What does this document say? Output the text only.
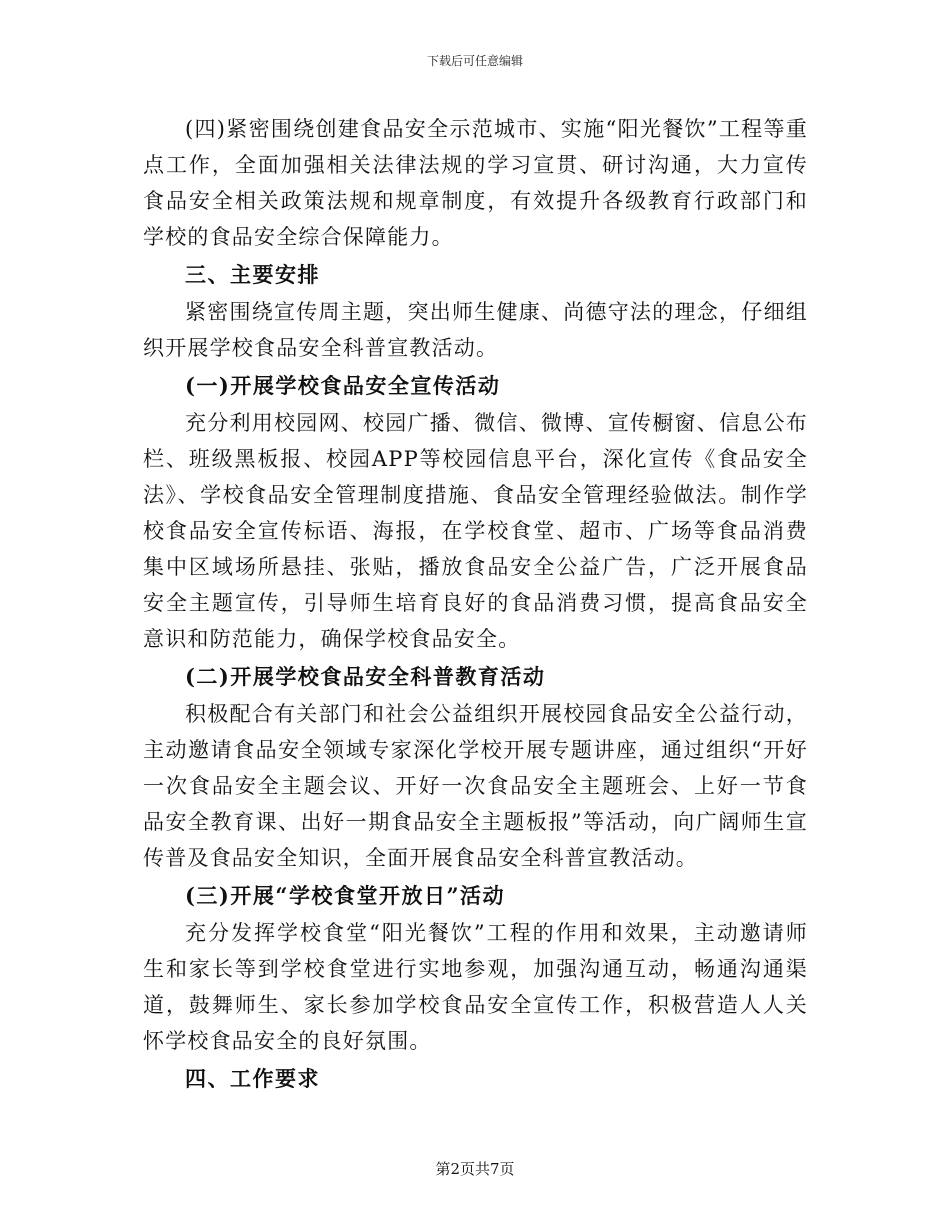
下载后可任意编辑

(四)紧密围绕创建食品安全示范城市、实施“阳光餐饮”工程等重点工作，全面加强相关法律法规的学习宣贯、研讨沟通，大力宣传食品安全相关政策法规和规章制度，有效提升各级教育行政部门和学校的食品安全综合保障能力。

三、主要安排

紧密围绕宣传周主题，突出师生健康、尚德守法的理念，仔细组织开展学校食品安全科普宣教活动。

(一)开展学校食品安全宣传活动

充分利用校园网、校园广播、微信、微博、宣传橱窗、信息公布栏、班级黑板报、校园APP等校园信息平台，深化宣传《食品安全法》、学校食品安全管理制度措施、食品安全管理经验做法。制作学校食品安全宣传标语、海报，在学校食堂、超市、广场等食品消费集中区域场所悬挂、张贴，播放食品安全公益广告，广泛开展食品安全主题宣传，引导师生培育良好的食品消费习惯，提高食品安全意识和防范能力，确保学校食品安全。

(二)开展学校食品安全科普教育活动

积极配合有关部门和社会公益组织开展校园食品安全公益行动，主动邀请食品安全领域专家深化学校开展专题讲座，通过组织“开好一次食品安全主题会议、开好一次食品安全主题班会、上好一节食品安全教育课、出好一期食品安全主题板报”等活动，向广阔师生宣传普及食品安全知识，全面开展食品安全科普宣教活动。

(三)开展“学校食堂开放日”活动

充分发挥学校食堂“阳光餐饮”工程的作用和效果，主动邀请师生和家长等到学校食堂进行实地参观，加强沟通互动，畅通沟通渠道，鼓舞师生、家长参加学校食品安全宣传工作，积极营造人人关怀学校食品安全的良好氛围。

四、工作要求

第2页共7页
